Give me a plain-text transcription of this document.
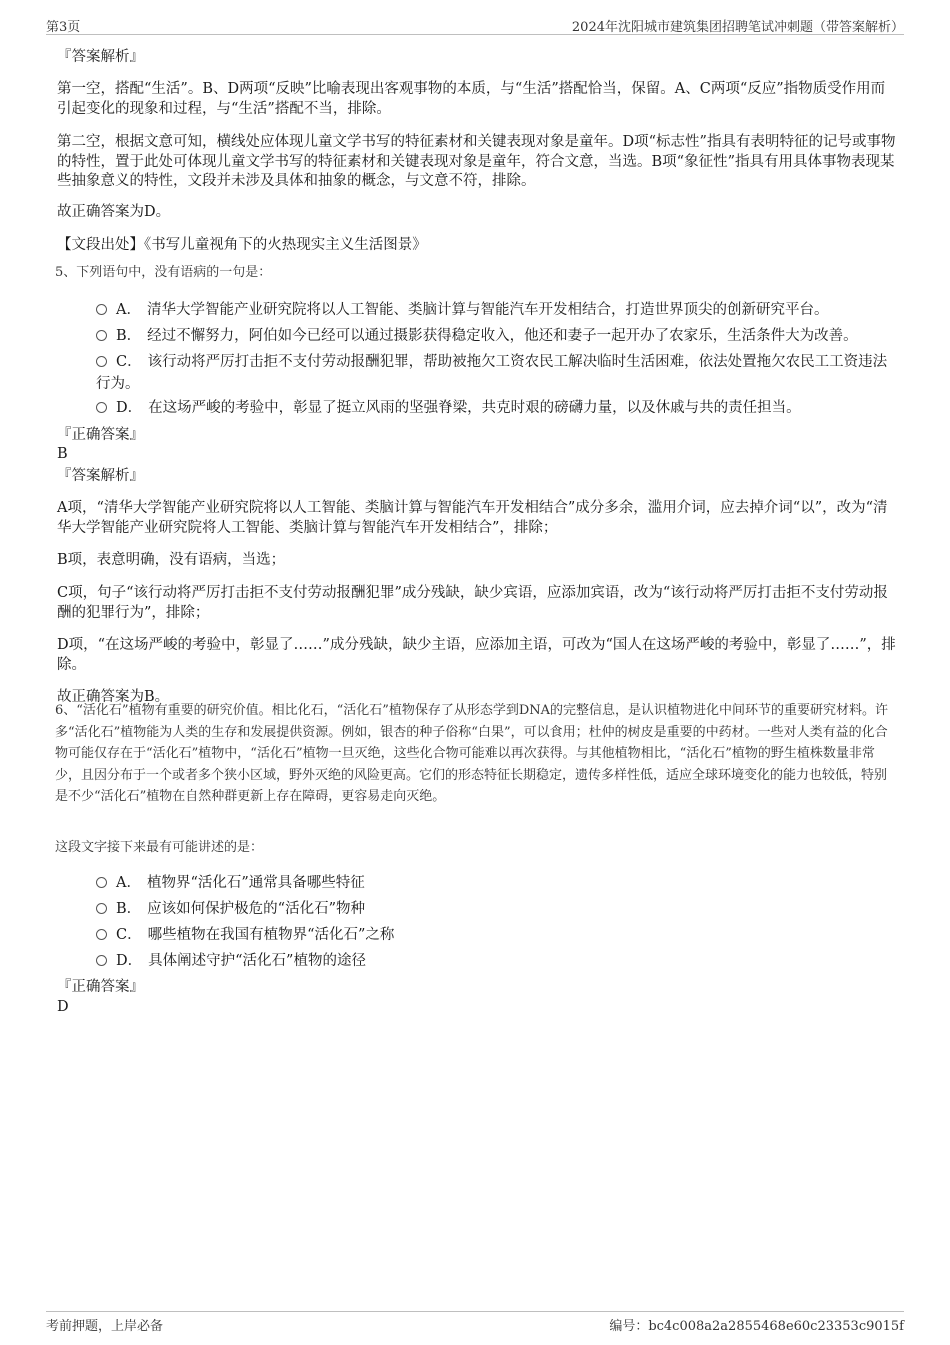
第3页	2024年沈阳城市建筑集团招聘笔试冲刺题（带答案解析）
『答案解析』
第一空，搭配“生活”。B、D两项“反映”比喻表现出客观事物的本质，与“生活”搭配恰当，保留。A、C两项“反应”指物质受作用而引起变化的现象和过程，与“生活”搭配不当，排除。
第二空，根据文意可知，横线处应体现儿童文学书写的特征素材和关键表现对象是童年。D项“标志性”指具有表明特征的记号或事物的特性，置于此处可体现儿童文学书写的特征素材和关键表现对象是童年，符合文意，当选。B项“象征性”指具有用具体事物表现某些抽象意义的特性，文段并未涉及具体和抽象的概念，与文意不符，排除。
故正确答案为D。
【文段出处】《书写儿童视角下的火热现实主义生活图景》
5、下列语句中，没有语病的一句是：
A． 清华大学智能产业研究院将以人工智能、类脑计算与智能汽车开发相结合，打造世界顶尖的创新研究平台。
B． 经过不懈努力，阿伯如今已经可以通过摄影获得稳定收入，他还和妻子一起开办了农家乐，生活条件大为改善。
C． 该行动将严厉打击拒不支付劳动报酬犯罪，帮助被拖欠工资农民工解决临时生活困难，依法处置拖欠农民工工资违法行为。
D． 在这场严峻的考验中，彰显了挺立风雨的坚强脊梁，共克时艰的磅礴力量，以及休戚与共的责任担当。
『正确答案』
B
『答案解析』
A项，“清华大学智能产业研究院将以人工智能、类脑计算与智能汽车开发相结合”成分多余，滥用介词，应去掉介词“以”，改为“清华大学智能产业研究院将人工智能、类脑计算与智能汽车开发相结合”，排除；
B项，表意明确，没有语病，当选；
C项，句子“该行动将严厉打击拒不支付劳动报酬犯罪”成分残缺，缺少宾语，应添加宾语，改为“该行动将严厉打击拒不支付劳动报酬的犯罪行为”，排除；
D项，“在这场严峻的考验中，彰显了……”成分残缺，缺少主语，应添加主语，可改为“国人在这场严峻的考验中，彰显了……”，排除。
故正确答案为B。
6、“活化石”植物有重要的研究价值。相比化石，“活化石”植物保存了从形态学到DNA的完整信息，是认识植物进化中间环节的重要研究材料。许多“活化石”植物能为人类的生存和发展提供资源。例如，银杏的种子俗称“白果”，可以食用；杜仲的树皮是重要的中药材。一些对人类有益的化合物可能仅存在于“活化石”植物中，“活化石”植物一旦灭绝，这些化合物可能难以再次获得。与其他植物相比，“活化石”植物的野生植株数量非常少，且因分布于一个或者多个狭小区域，野外灭绝的风险更高。它们的形态特征长期稳定，遗传多样性低，适应全球环境变化的能力也较低，特别是不少“活化石”植物在自然种群更新上存在障碍，更容易走向灭绝。
这段文字接下来最有可能讲述的是：
A． 植物界“活化石”通常具备哪些特征
B． 应该如何保护极危的“活化石”物种
C． 哪些植物在我国有植物界“活化石”之称
D． 具体阐述守护“活化石”植物的途径
『正确答案』
D
考前押题，上岸必备	编号：bc4c008a2a2855468e60c23353c9015f
